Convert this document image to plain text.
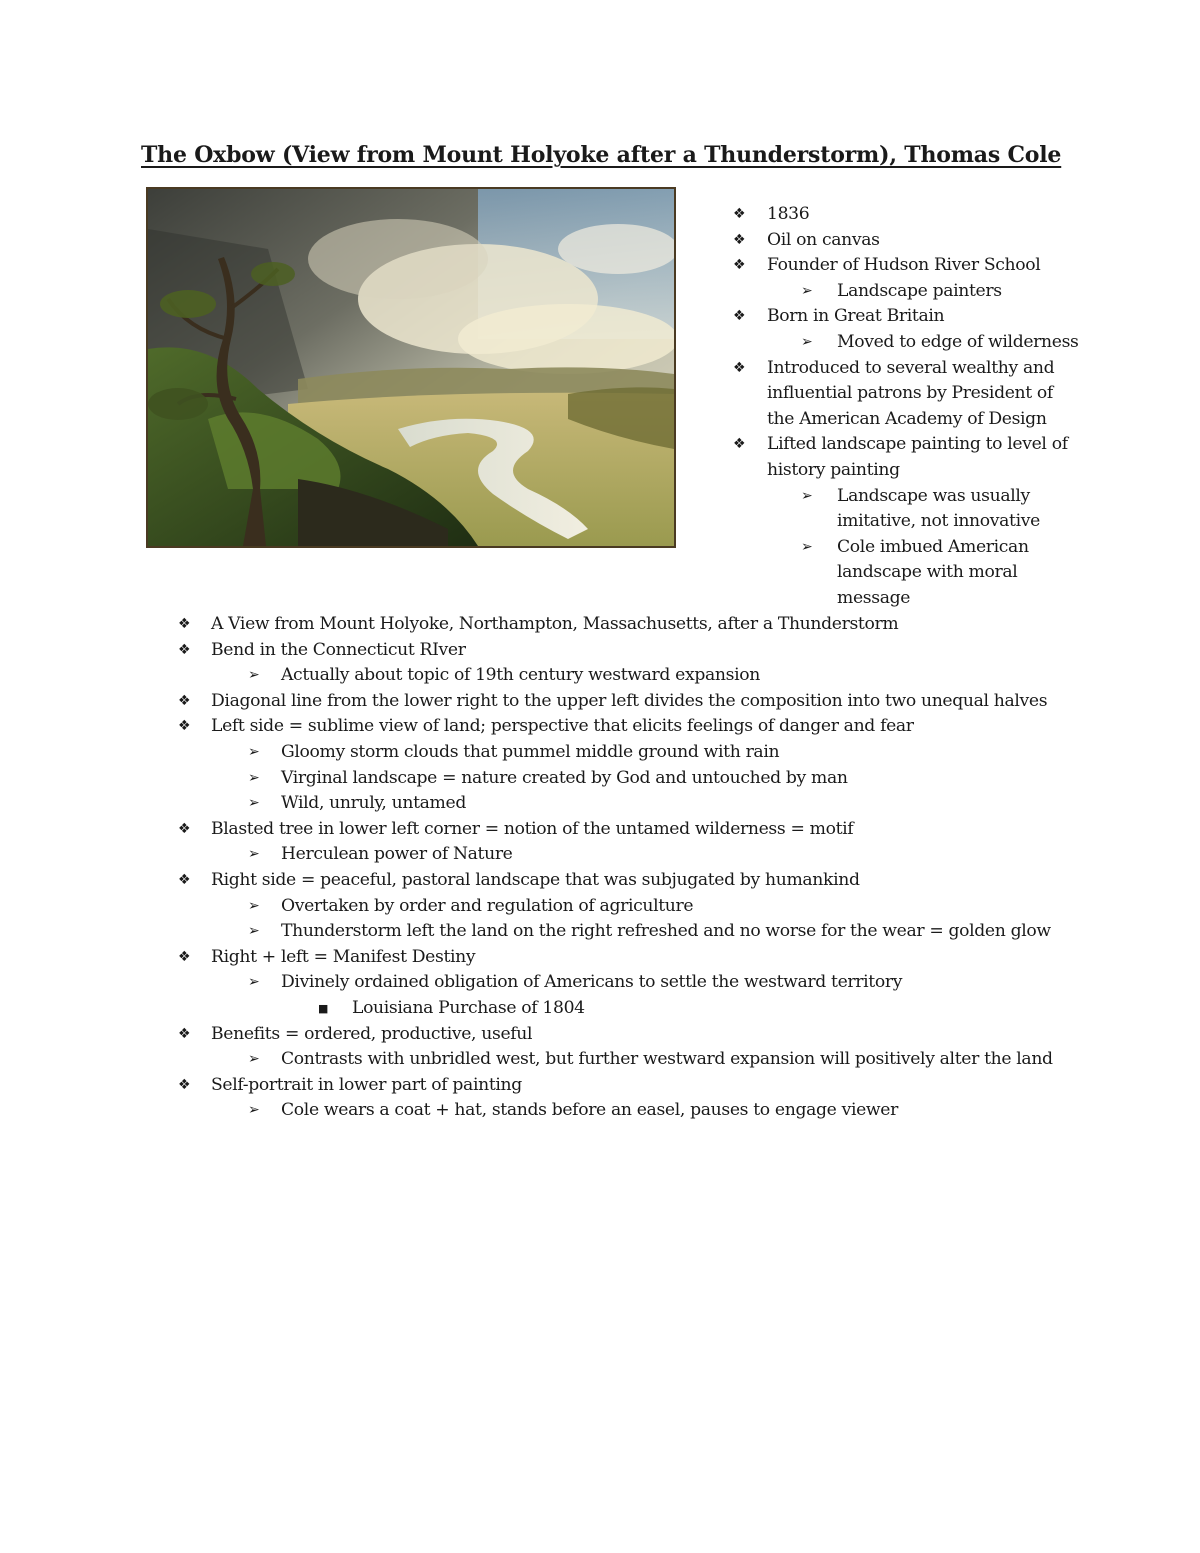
The Oxbow (View from Mount Holyoke after a Thunderstorm), Thomas Cole
❖ 1836
❖ Oil on canvas
❖ Founder of Hudson River School
➢ Landscape painters
❖ Born in Great Britain
➢ Moved to edge of wilderness
❖ Introduced to several wealthy and influential patrons by President of the American Academy of Design
❖ Lifted landscape painting to level of history painting
➢ Landscape was usually imitative, not innovative
➢ Cole imbued American landscape with moral message
❖ A View from Mount Holyoke, Northampton, Massachusetts, after a Thunderstorm
❖ Bend in the Connecticut RIver
➢ Actually about topic of 19th century westward expansion
❖ Diagonal line from the lower right to the upper left divides the composition into two unequal halves
❖ Left side = sublime view of land; perspective that elicits feelings of danger and fear
➢ Gloomy storm clouds that pummel middle ground with rain
➢ Virginal landscape = nature created by God and untouched by man
➢ Wild, unruly, untamed
❖ Blasted tree in lower left corner = notion of the untamed wilderness = motif
➢ Herculean power of Nature
❖ Right side = peaceful, pastoral landscape that was subjugated by humankind
➢ Overtaken by order and regulation of agriculture
➢ Thunderstorm left the land on the right refreshed and no worse for the wear = golden glow
❖ Right + left = Manifest Destiny
➢ Divinely ordained obligation of Americans to settle the westward territory
■ Louisiana Purchase of 1804
❖ Benefits = ordered, productive, useful
➢ Contrasts with unbridled west, but further westward expansion will positively alter the land
❖ Self-portrait in lower part of painting
➢ Cole wears a coat + hat, stands before an easel, pauses to engage viewer
